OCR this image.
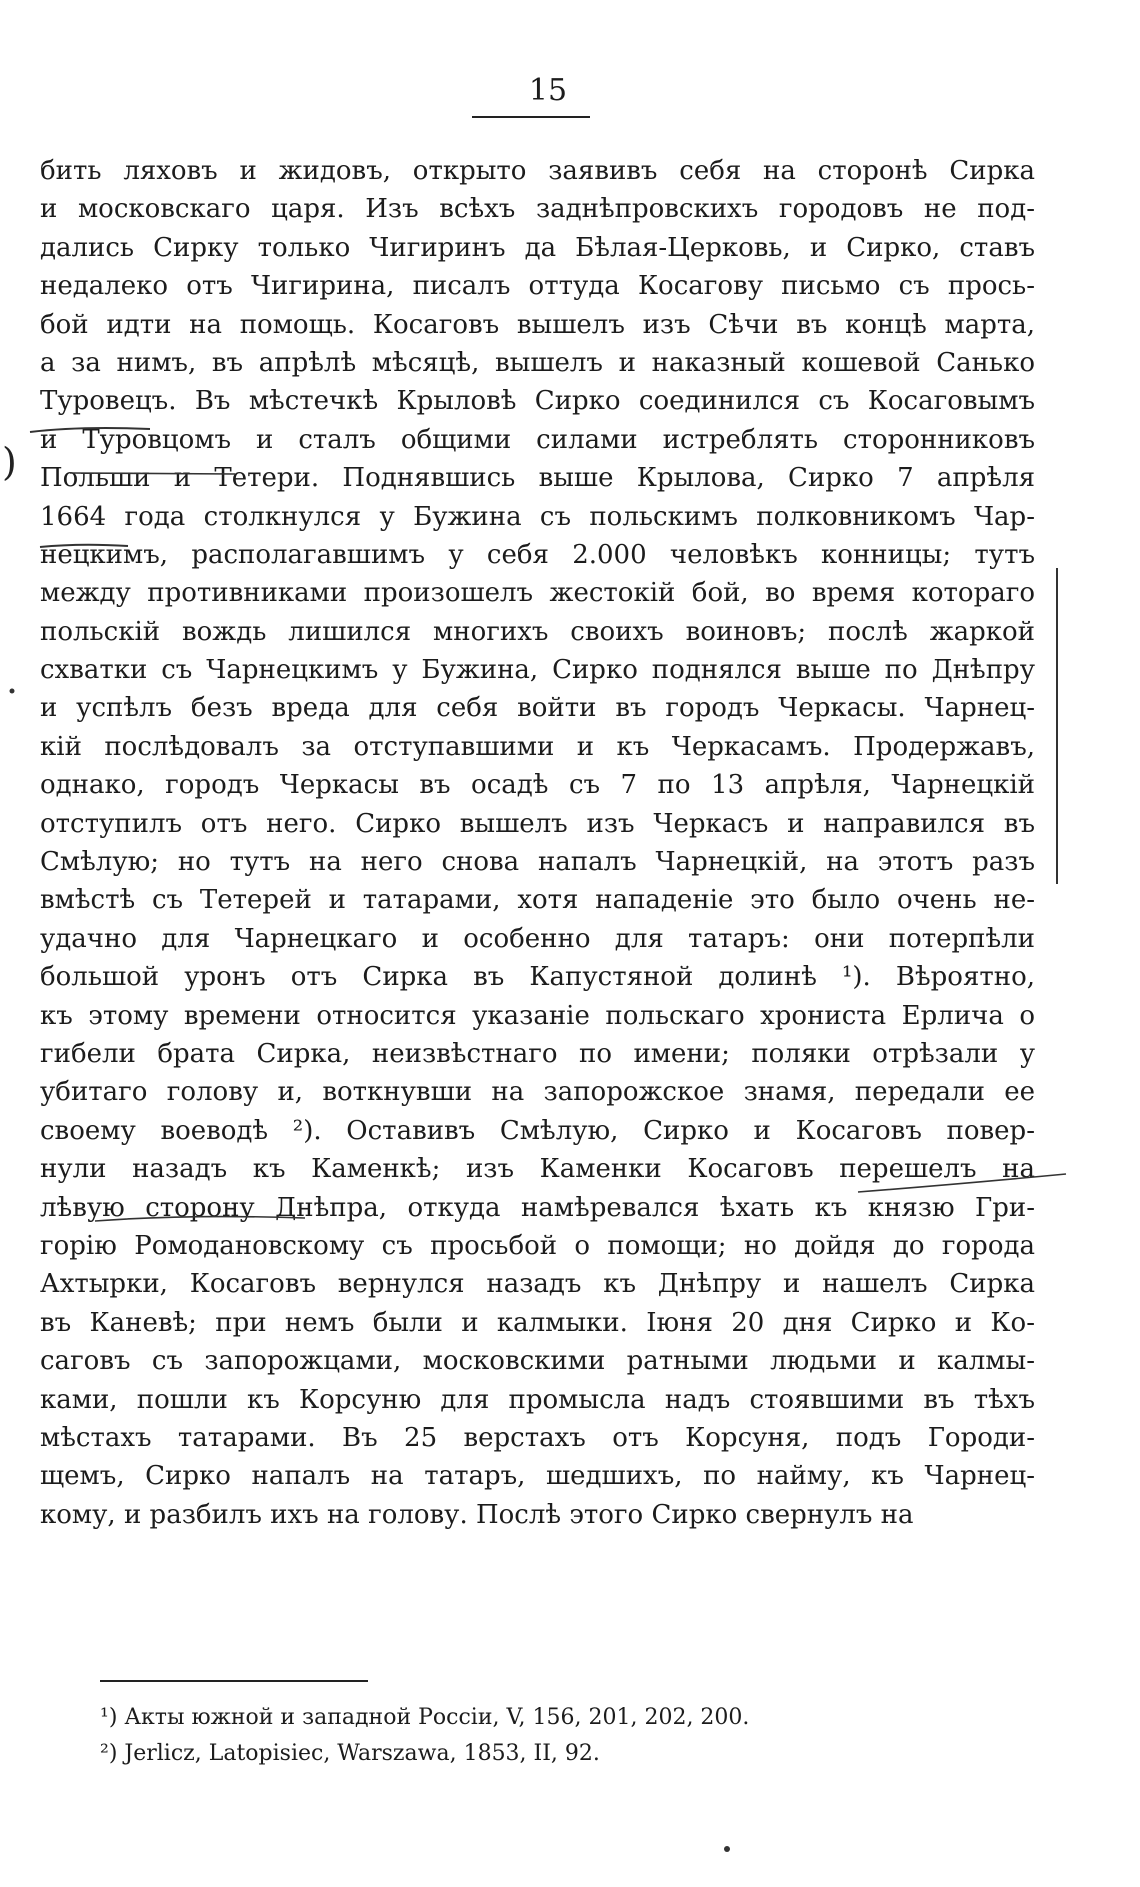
15
бить ляховъ и жидовъ, открыто заявивъ себя на сторонѣ Сирка
и московскаго царя. Изъ всѣхъ заднѣпровскихъ городовъ не под-
дались Сирку только Чигиринъ да Бѣлая-Церковь, и Сирко, ставъ
недалеко отъ Чигирина, писалъ оттуда Косагову письмо съ прось-
бой идти на помощь. Косаговъ вышелъ изъ Сѣчи въ концѣ марта,
а за нимъ, въ апрѣлѣ мѣсяцѣ, вышелъ и наказный кошевой Санько
Туровецъ. Въ мѣстечкѣ Крыловѣ Сирко соединился съ Косаговымъ
и Туровцомъ и сталъ общими силами истреблять сторонниковъ
Польши и Тетери. Поднявшись выше Крылова, Сирко 7 апрѣля
1664 года столкнулся у Бужина съ польскимъ полковникомъ Чар-
нецкимъ, располагавшимъ у себя 2.000 человѣкъ конницы; тутъ
между противниками произошелъ жестокій бой, во время котораго
польскій вождь лишился многихъ своихъ воиновъ; послѣ жаркой
схватки съ Чарнецкимъ у Бужина, Сирко поднялся выше по Днѣпру
и успѣлъ безъ вреда для себя войти въ городъ Черкасы. Чарнец-
кій послѣдовалъ за отступавшими и къ Черкасамъ. Продержавъ,
однако, городъ Черкасы въ осадѣ съ 7 по 13 апрѣля, Чарнецкій
отступилъ отъ него. Сирко вышелъ изъ Черкасъ и направился въ
Смѣлую; но тутъ на него снова напалъ Чарнецкій, на этотъ разъ
вмѣстѣ съ Тетерей и татарами, хотя нападеніе это было очень не-
удачно для Чарнецкаго и особенно для татаръ: они потерпѣли
большой уронъ отъ Сирка въ Капустяной долинѣ ¹). Вѣроятно,
къ этому времени относится указаніе польскаго хрониста Ерлича о
гибели брата Сирка, неизвѣстнаго по имени; поляки отрѣзали у
убитаго голову и, воткнувши на запорожское знамя, передали ее
своему воеводѣ ²). Оставивъ Смѣлую, Сирко и Косаговъ повер-
нули назадъ къ Каменкѣ; изъ Каменки Косаговъ перешелъ на
лѣвую сторону Днѣпра, откуда намѣревался ѣхать къ князю Гри-
горію Ромодановскому съ просьбой о помощи; но дойдя до города
Ахтырки, Косаговъ вернулся назадъ къ Днѣпру и нашелъ Сирка
въ Каневѣ; при немъ были и калмыки. Іюня 20 дня Сирко и Ко-
саговъ съ запорожцами, московскими ратными людьми и калмы-
ками, пошли къ Корсуню для промысла надъ стоявшими въ тѣхъ
мѣстахъ татарами. Въ 25 верстахъ отъ Корсуня, подъ Городи-
щемъ, Сирко напалъ на татаръ, шедшихъ, по найму, къ Чарнец-
кому, и разбилъ ихъ на голову. Послѣ этого Сирко свернулъ на
)
¹) Акты южной и западной Россіи, V, 156, 201, 202, 200.
²) Jerlicz, Latopisiec, Warszawa, 1853, II, 92.
